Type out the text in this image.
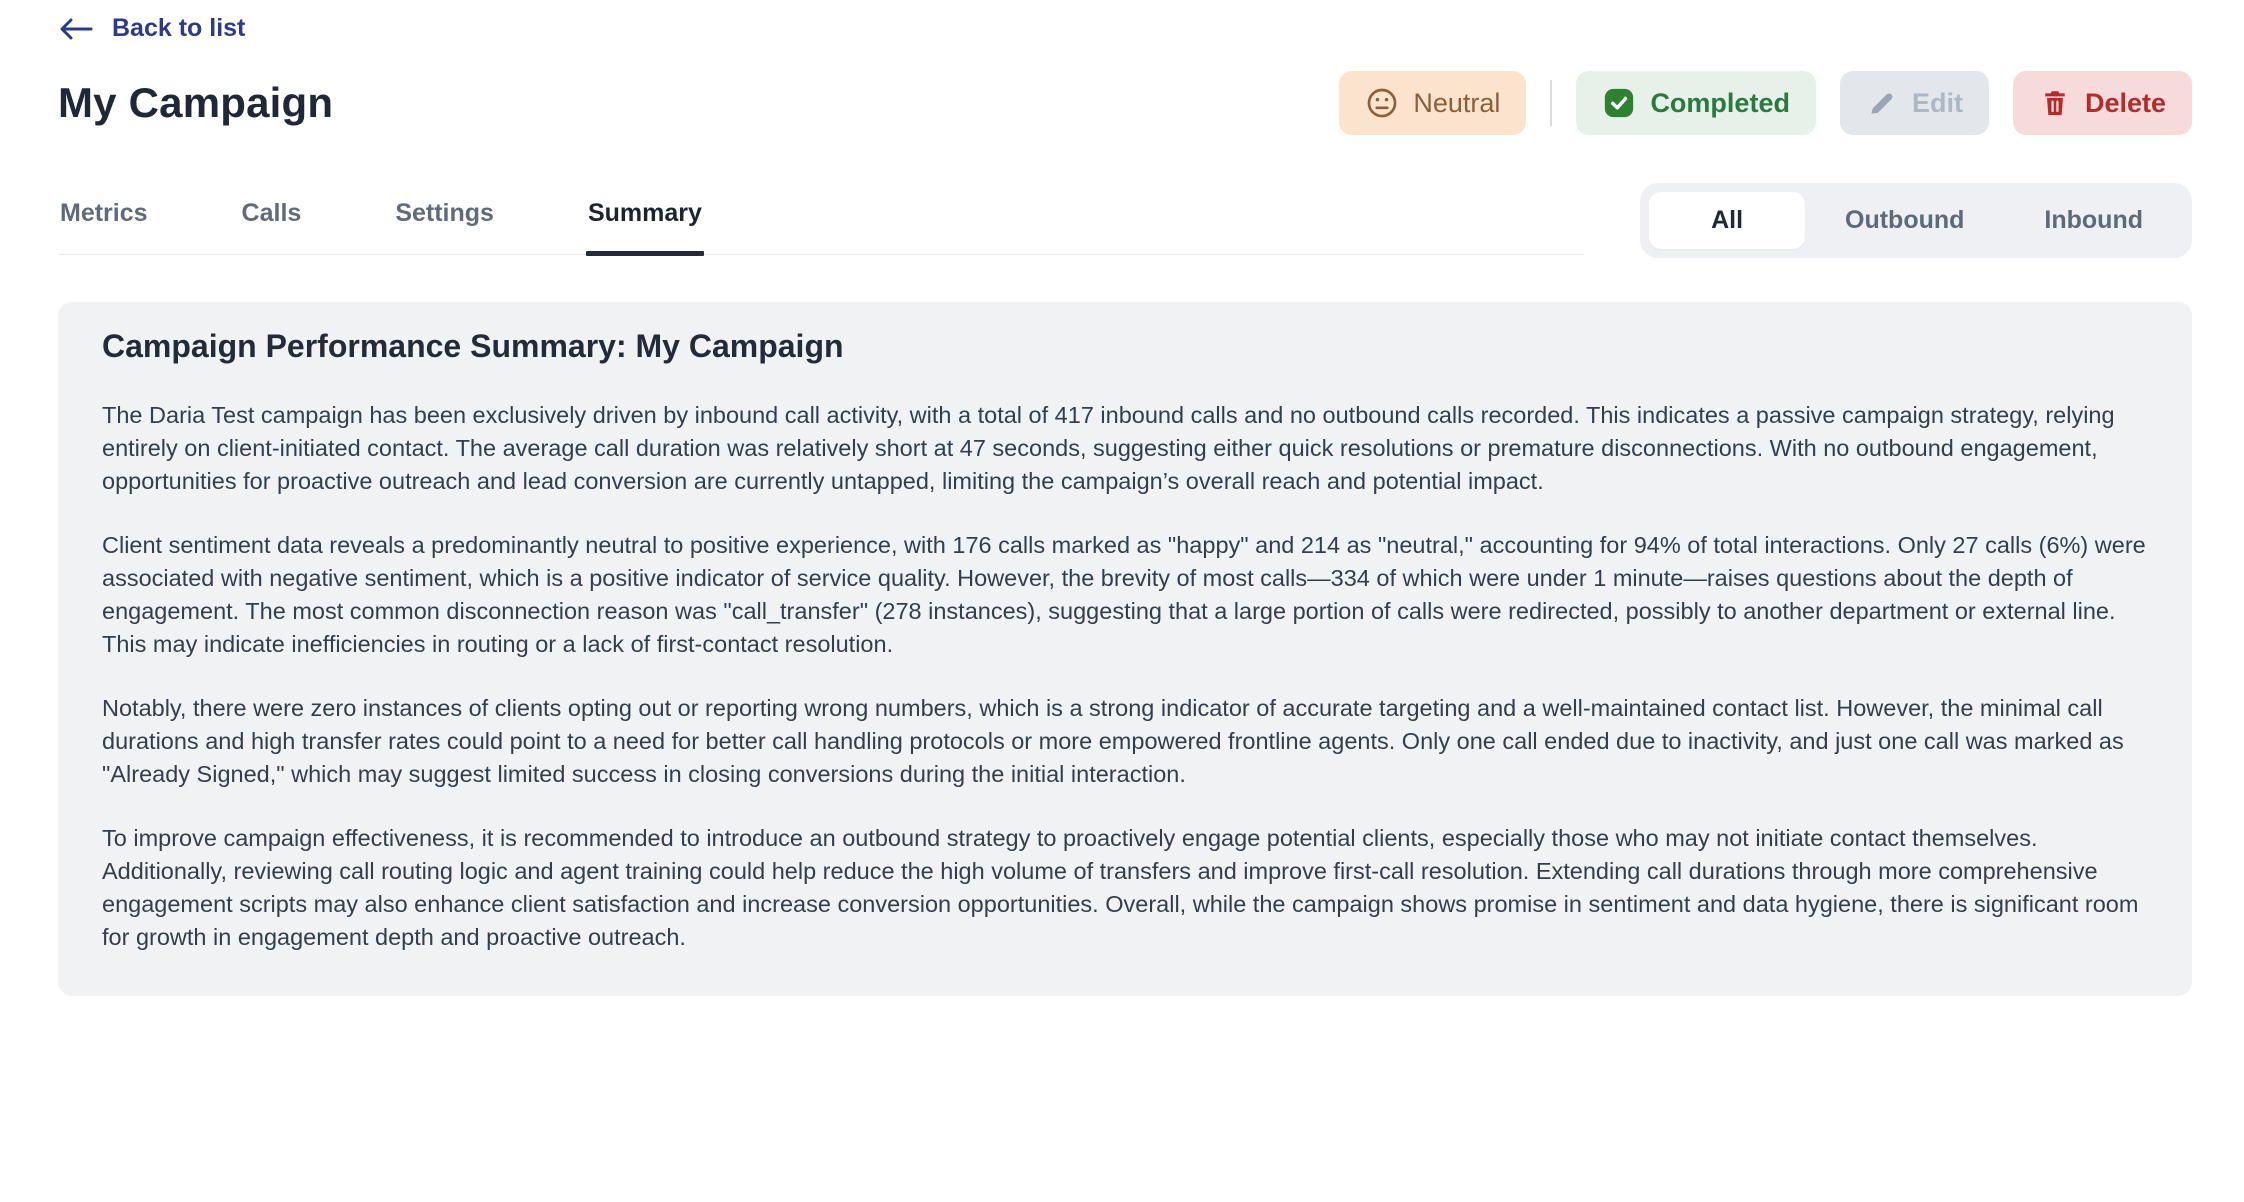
Back to list
My Campaign	Neutral	Completed	Edit	Delete
Metrics	Calls	Settings	Summary	All	Outbound	Inbound
Campaign Performance Summary: My Campaign

The Daria Test campaign has been exclusively driven by inbound call activity, with a total of 417 inbound calls and no outbound calls recorded. This indicates a passive campaign strategy, relying entirely on client-initiated contact. The average call duration was relatively short at 47 seconds, suggesting either quick resolutions or premature disconnections. With no outbound engagement, opportunities for proactive outreach and lead conversion are currently untapped, limiting the campaign’s overall reach and potential impact.

Client sentiment data reveals a predominantly neutral to positive experience, with 176 calls marked as "happy" and 214 as "neutral," accounting for 94% of total interactions. Only 27 calls (6%) were associated with negative sentiment, which is a positive indicator of service quality. However, the brevity of most calls—334 of which were under 1 minute—raises questions about the depth of engagement. The most common disconnection reason was "call_transfer" (278 instances), suggesting that a large portion of calls were redirected, possibly to another department or external line. This may indicate inefficiencies in routing or a lack of first-contact resolution.

Notably, there were zero instances of clients opting out or reporting wrong numbers, which is a strong indicator of accurate targeting and a well-maintained contact list. However, the minimal call durations and high transfer rates could point to a need for better call handling protocols or more empowered frontline agents. Only one call ended due to inactivity, and just one call was marked as "Already Signed," which may suggest limited success in closing conversions during the initial interaction.

To improve campaign effectiveness, it is recommended to introduce an outbound strategy to proactively engage potential clients, especially those who may not initiate contact themselves. Additionally, reviewing call routing logic and agent training could help reduce the high volume of transfers and improve first-call resolution. Extending call durations through more comprehensive engagement scripts may also enhance client satisfaction and increase conversion opportunities. Overall, while the campaign shows promise in sentiment and data hygiene, there is significant room for growth in engagement depth and proactive outreach.
